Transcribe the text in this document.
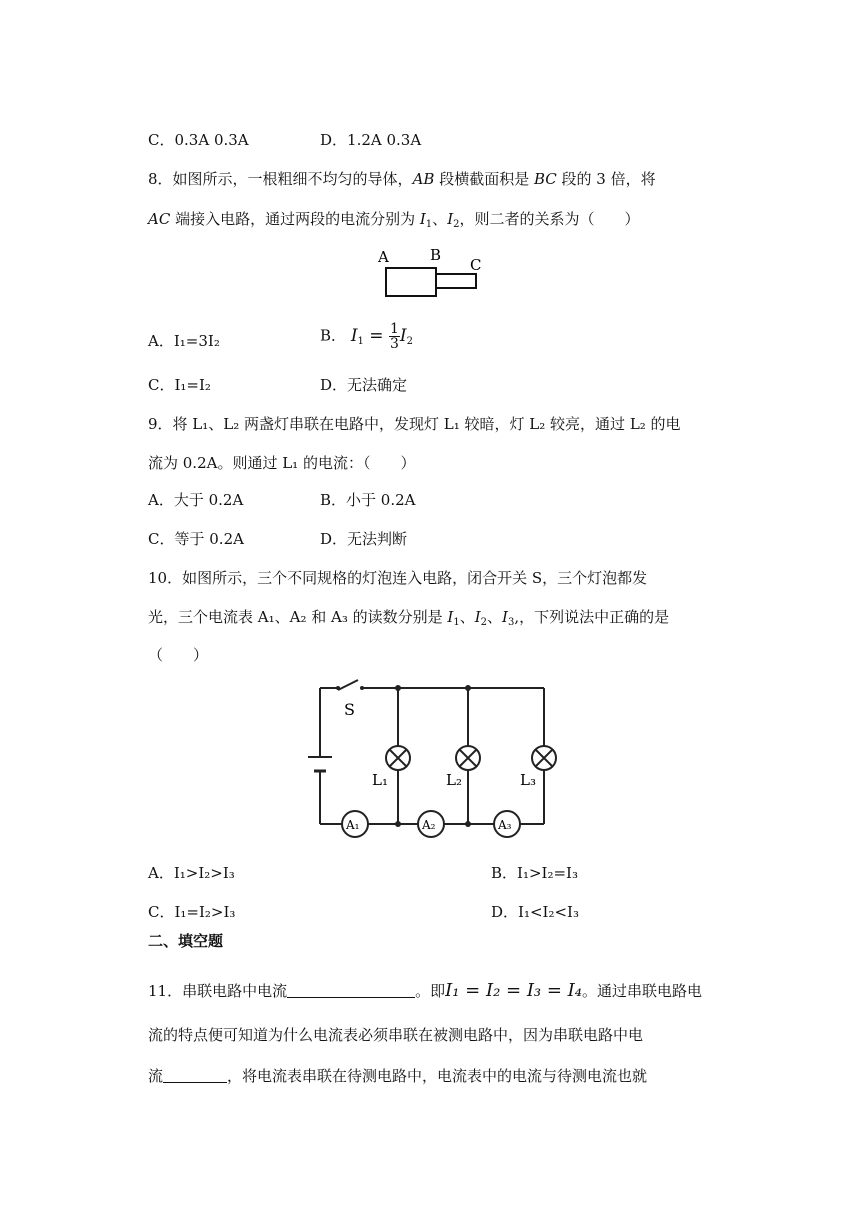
C．0.3A 0.3A	D．1.2A 0.3A
8．如图所示，一根粗细不均匀的导体，AB 段横截面积是 BC 段的 3 倍，将
AC 端接入电路，通过两段的电流分别为 $I_1$、$I_2$，则二者的关系为（　　）
A	B
C
A．I₁=3I₂	B． $I_1 = \frac{1}{3} I_2$
C．I₁=I₂	D．无法确定
9．将 L₁、L₂ 两盏灯串联在电路中，发现灯 L₁ 较暗，灯 L₂ 较亮，通过 L₂ 的电
流为 0.2A。则通过 L₁ 的电流：（　　）
A．大于 0.2A	B．小于 0.2A
C．等于 0.2A	D．无法判断
10．如图所示，三个不同规格的灯泡连入电路，闭合开关 S，三个灯泡都发
光，三个电流表 A₁、A₂ 和 A₃ 的读数分别是 $I_1$、$I_2$、$I_3$,，下列说法中正确的是
（　　）
S
L₁	L₂	L₃
A₁	A₂	A₃
A．I₁>I₂>I₃	B．I₁>I₂=I₃
C．I₁=I₂>I₃	D．I₁<I₂<I₃
二、填空题
11．串联电路中电流	。即I₁ = I₂ = I₃ = I₄。通过串联电路电
流的特点便可知道为什么电流表必须串联在被测电路中，因为串联电路中电
流	，将电流表串联在待测电路中，电流表中的电流与待测电流也就
